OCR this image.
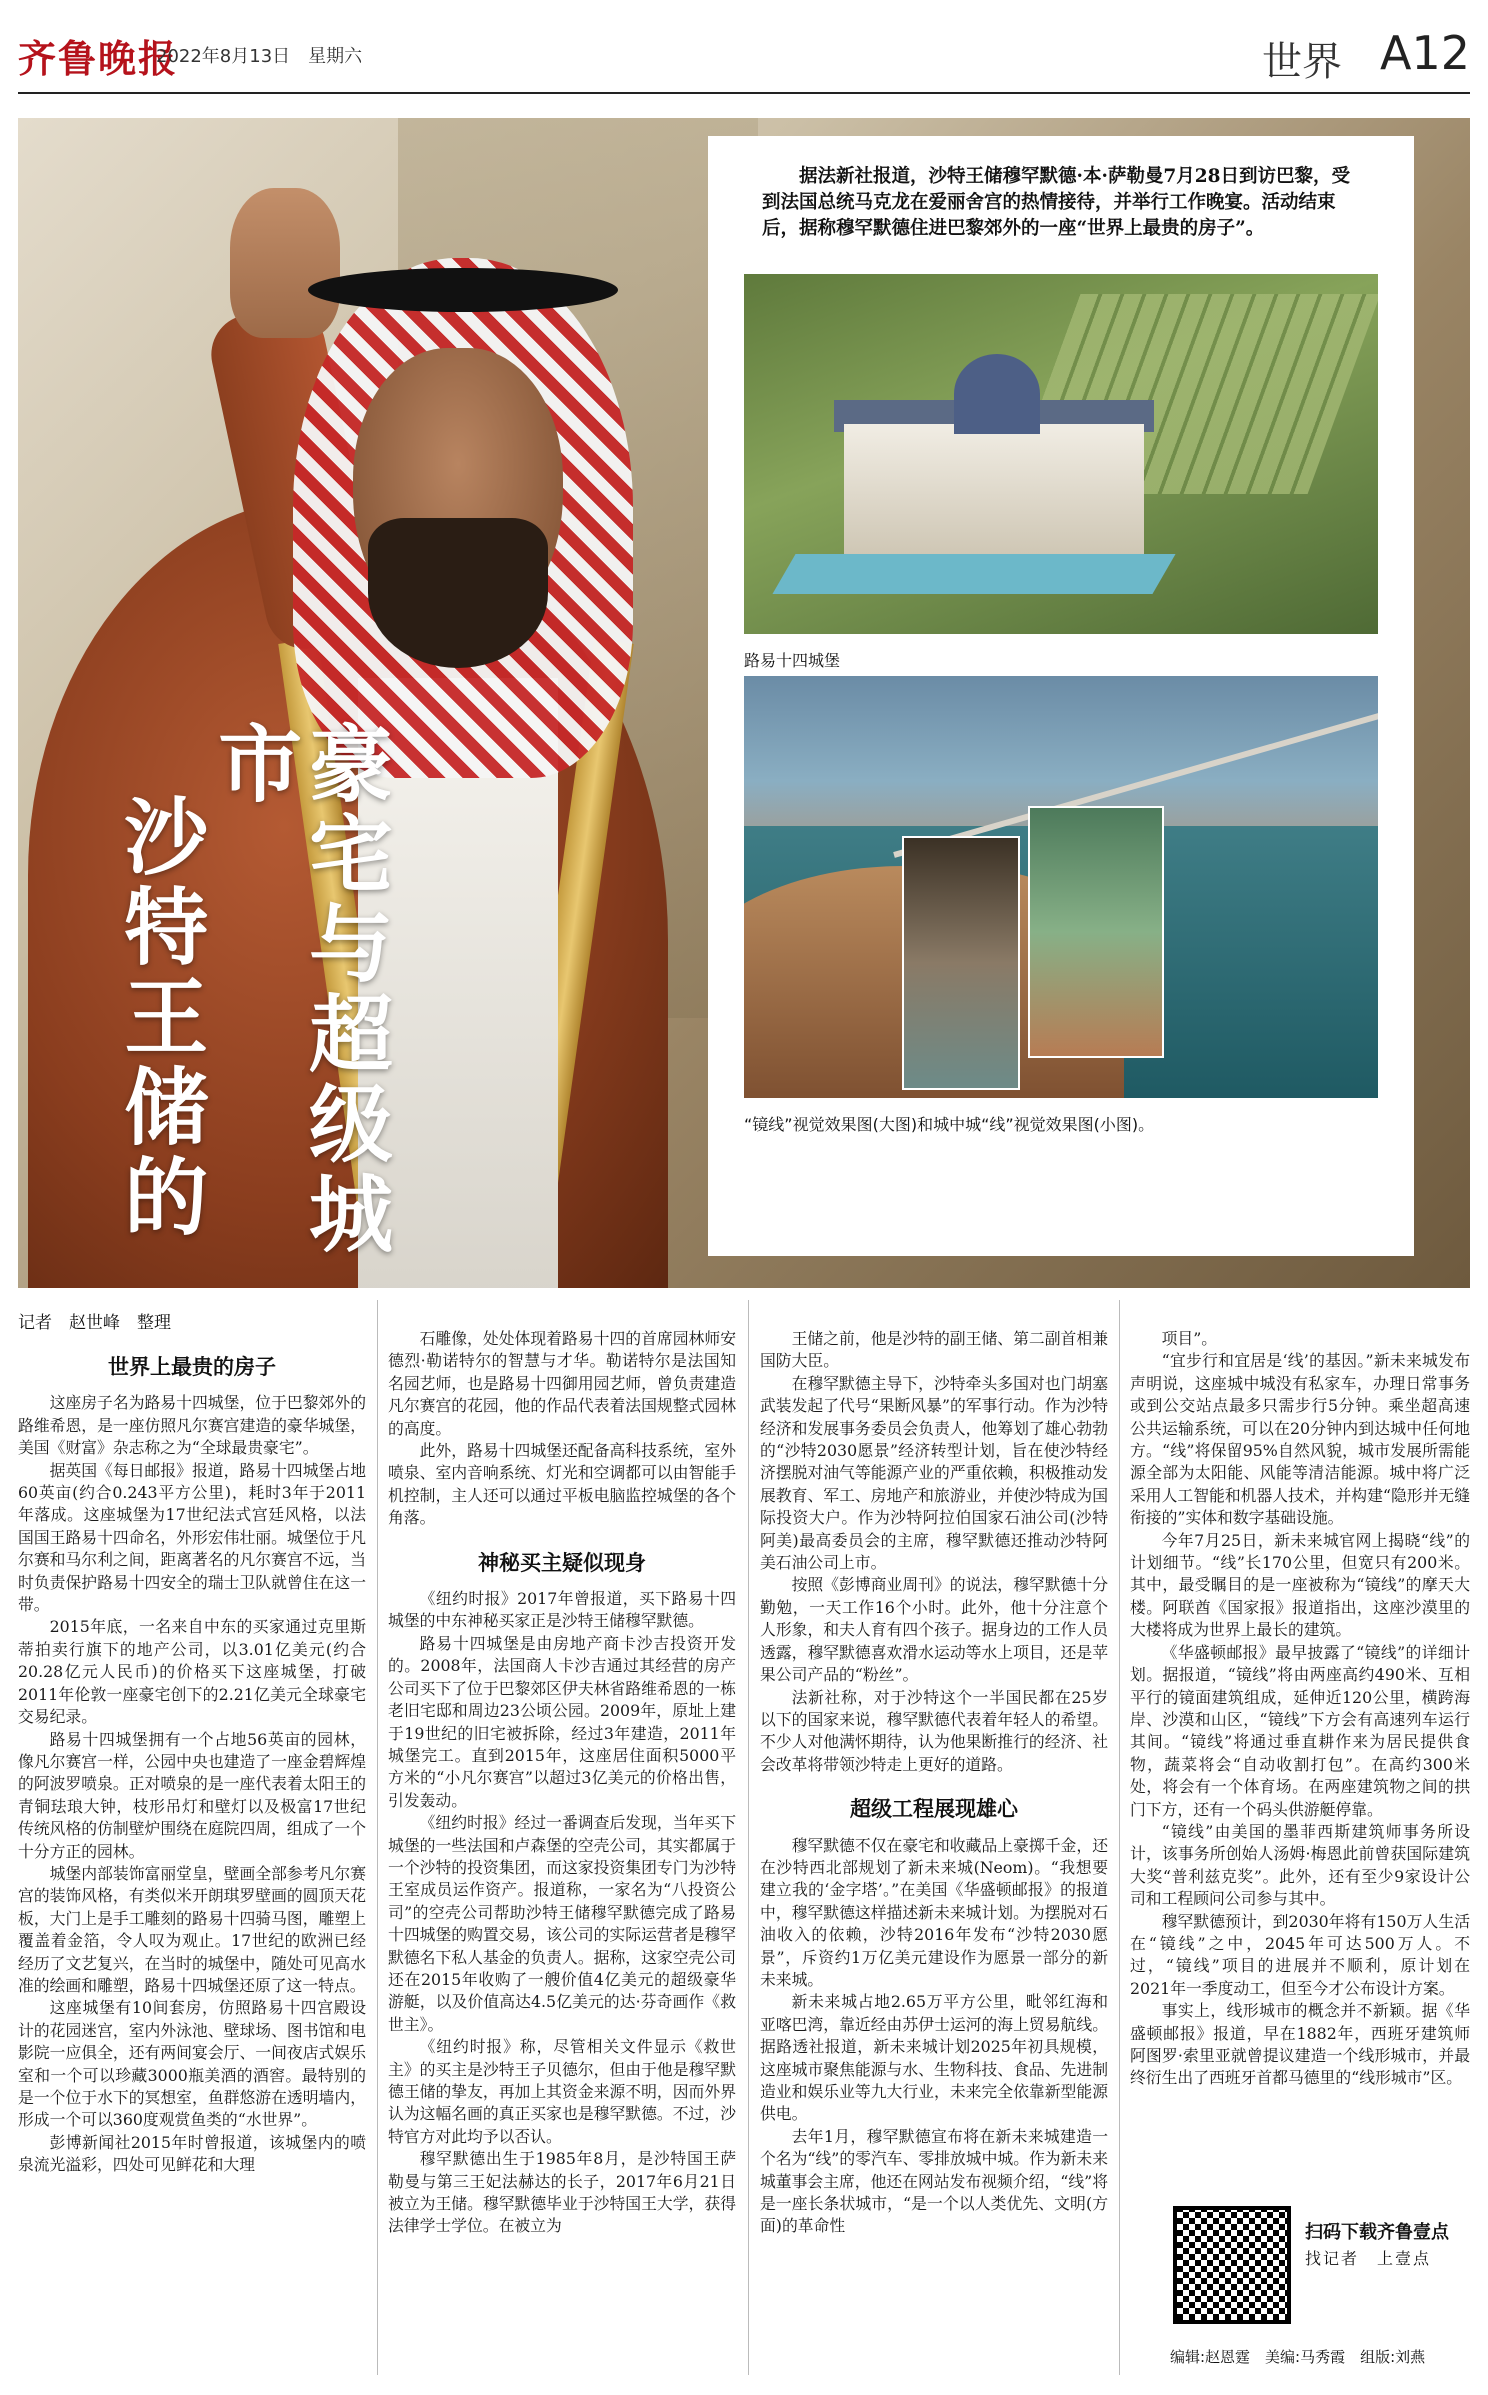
齐鲁晚报
2022年8月13日　星期六	世界 A12
豪宅与超级城市
沙特王储的

据法新社报道，沙特王储穆罕默德·本·萨勒曼7月28日到访巴黎，受到法国总统马克龙在爱丽舍宫的热情接待，并举行工作晚宴。活动结束后，据称穆罕默德住进巴黎郊外的一座“世界上最贵的房子”。

路易十四城堡
“镜线”视觉效果图(大图)和城中城“线”视觉效果图(小图)。
记者　赵世峰　整理

世界上最贵的房子

这座房子名为路易十四城堡，位于巴黎郊外的路维希恩，是一座仿照凡尔赛宫建造的豪华城堡，美国《财富》杂志称之为“全球最贵豪宅”。

据英国《每日邮报》报道，路易十四城堡占地60英亩(约合0.243平方公里)，耗时3年于2011年落成。这座城堡为17世纪法式宫廷风格，以法国国王路易十四命名，外形宏伟壮丽。城堡位于凡尔赛和马尔利之间，距离著名的凡尔赛宫不远，当时负责保护路易十四安全的瑞士卫队就曾住在这一带。

2015年底，一名来自中东的买家通过克里斯蒂拍卖行旗下的地产公司，以3.01亿美元(约合20.28亿元人民币)的价格买下这座城堡，打破2011年伦敦一座豪宅创下的2.21亿美元全球豪宅交易纪录。

路易十四城堡拥有一个占地56英亩的园林，像凡尔赛宫一样，公园中央也建造了一座金碧辉煌的阿波罗喷泉。正对喷泉的是一座代表着太阳王的青铜珐琅大钟，枝形吊灯和壁灯以及极富17世纪传统风格的仿制壁炉围绕在庭院四周，组成了一个十分方正的园林。

城堡内部装饰富丽堂皇，壁画全部参考凡尔赛宫的装饰风格，有类似米开朗琪罗壁画的圆顶天花板，大门上是手工雕刻的路易十四骑马图，雕塑上覆盖着金箔，令人叹为观止。17世纪的欧洲已经经历了文艺复兴，在当时的城堡中，随处可见高水准的绘画和雕塑，路易十四城堡还原了这一特点。

这座城堡有10间套房，仿照路易十四宫殿设计的花园迷宫，室内外泳池、壁球场、图书馆和电影院一应俱全，还有两间宴会厅、一间夜店式娱乐室和一个可以珍藏3000瓶美酒的酒窖。最特别的是一个位于水下的冥想室，鱼群悠游在透明墙内，形成一个可以360度观赏鱼类的“水世界”。

彭博新闻社2015年时曾报道，该城堡内的喷泉流光溢彩，四处可见鲜花和大理

石雕像，处处体现着路易十四的首席园林师安德烈·勒诺特尔的智慧与才华。勒诺特尔是法国知名园艺师，也是路易十四御用园艺师，曾负责建造凡尔赛宫的花园，他的作品代表着法国规整式园林的高度。

此外，路易十四城堡还配备高科技系统，室外喷泉、室内音响系统、灯光和空调都可以由智能手机控制，主人还可以通过平板电脑监控城堡的各个角落。

神秘买主疑似现身

《纽约时报》2017年曾报道，买下路易十四城堡的中东神秘买家正是沙特王储穆罕默德。

路易十四城堡是由房地产商卡沙吉投资开发的。2008年，法国商人卡沙吉通过其经营的房产公司买下了位于巴黎郊区伊夫林省路维希恩的一栋老旧宅邸和周边23公顷公园。2009年，原址上建于19世纪的旧宅被拆除，经过3年建造，2011年城堡完工。直到2015年，这座居住面积5000平方米的“小凡尔赛宫”以超过3亿美元的价格出售，引发轰动。

《纽约时报》经过一番调查后发现，当年买下城堡的一些法国和卢森堡的空壳公司，其实都属于一个沙特的投资集团，而这家投资集团专门为沙特王室成员运作资产。报道称，一家名为“八投资公司”的空壳公司帮助沙特王储穆罕默德完成了路易十四城堡的购置交易，该公司的实际运营者是穆罕默德名下私人基金的负责人。据称，这家空壳公司还在2015年收购了一艘价值4亿美元的超级豪华游艇，以及价值高达4.5亿美元的达·芬奇画作《救世主》。

《纽约时报》称，尽管相关文件显示《救世主》的买主是沙特王子贝德尔，但由于他是穆罕默德王储的挚友，再加上其资金来源不明，因而外界认为这幅名画的真正买家也是穆罕默德。不过，沙特官方对此均予以否认。

穆罕默德出生于1985年8月，是沙特国王萨勒曼与第三王妃法赫达的长子，2017年6月21日被立为王储。穆罕默德毕业于沙特国王大学，获得法律学士学位。在被立为

王储之前，他是沙特的副王储、第二副首相兼国防大臣。

在穆罕默德主导下，沙特牵头多国对也门胡塞武装发起了代号“果断风暴”的军事行动。作为沙特经济和发展事务委员会负责人，他筹划了雄心勃勃的“沙特2030愿景”经济转型计划，旨在使沙特经济摆脱对油气等能源产业的严重依赖，积极推动发展教育、军工、房地产和旅游业，并使沙特成为国际投资大户。作为沙特阿拉伯国家石油公司(沙特阿美)最高委员会的主席，穆罕默德还推动沙特阿美石油公司上市。

按照《彭博商业周刊》的说法，穆罕默德十分勤勉，一天工作16个小时。此外，他十分注意个人形象，和夫人育有四个孩子。据身边的工作人员透露，穆罕默德喜欢滑水运动等水上项目，还是苹果公司产品的“粉丝”。

法新社称，对于沙特这个一半国民都在25岁以下的国家来说，穆罕默德代表着年轻人的希望。不少人对他满怀期待，认为他果断推行的经济、社会改革将带领沙特走上更好的道路。

超级工程展现雄心

穆罕默德不仅在豪宅和收藏品上豪掷千金，还在沙特西北部规划了新未来城(Neom)。“我想要建立我的‘金字塔’。”在美国《华盛顿邮报》的报道中，穆罕默德这样描述新未来城计划。为摆脱对石油收入的依赖，沙特2016年发布“沙特2030愿景”，斥资约1万亿美元建设作为愿景一部分的新未来城。

新未来城占地2.65万平方公里，毗邻红海和亚喀巴湾，靠近经由苏伊士运河的海上贸易航线。据路透社报道，新未来城计划2025年初具规模，这座城市聚焦能源与水、生物科技、食品、先进制造业和娱乐业等九大行业，未来完全依靠新型能源供电。

去年1月，穆罕默德宣布将在新未来城建造一个名为“线”的零汽车、零排放城中城。作为新未来城董事会主席，他还在网站发布视频介绍，“线”将是一座长条状城市，“是一个以人类优先、文明(方面)的革命性

项目”。

“宜步行和宜居是‘线’的基因。”新未来城发布声明说，这座城中城没有私家车，办理日常事务或到公交站点最多只需步行5分钟。乘坐超高速公共运输系统，可以在20分钟内到达城中任何地方。“线”将保留95%自然风貌，城市发展所需能源全部为太阳能、风能等清洁能源。城中将广泛采用人工智能和机器人技术，并构建“隐形并无缝衔接的”实体和数字基础设施。

今年7月25日，新未来城官网上揭晓“线”的计划细节。“线”长170公里，但宽只有200米。其中，最受瞩目的是一座被称为“镜线”的摩天大楼。阿联酋《国家报》报道指出，这座沙漠里的大楼将成为世界上最长的建筑。

《华盛顿邮报》最早披露了“镜线”的详细计划。据报道，“镜线”将由两座高约490米、互相平行的镜面建筑组成，延伸近120公里，横跨海岸、沙漠和山区，“镜线”下方会有高速列车运行其间。“镜线”将通过垂直耕作来为居民提供食物，蔬菜将会“自动收割打包”。在高约300米处，将会有一个体育场。在两座建筑物之间的拱门下方，还有一个码头供游艇停靠。

“镜线”由美国的墨菲西斯建筑师事务所设计，该事务所创始人汤姆·梅恩此前曾获国际建筑大奖“普利兹克奖”。此外，还有至少9家设计公司和工程顾问公司参与其中。

穆罕默德预计，到2030年将有150万人生活在“镜线”之中，2045年可达500万人。不过，“镜线”项目的进展并不顺利，原计划在2021年一季度动工，但至今才公布设计方案。

事实上，线形城市的概念并不新颖。据《华盛顿邮报》报道，早在1882年，西班牙建筑师阿图罗·索里亚就曾提议建造一个线形城市，并最终衍生出了西班牙首都马德里的“线形城市”区。

扫码下载齐鲁壹点
找记者　上壹点
编辑:赵恩霆　美编:马秀霞　组版:刘燕
